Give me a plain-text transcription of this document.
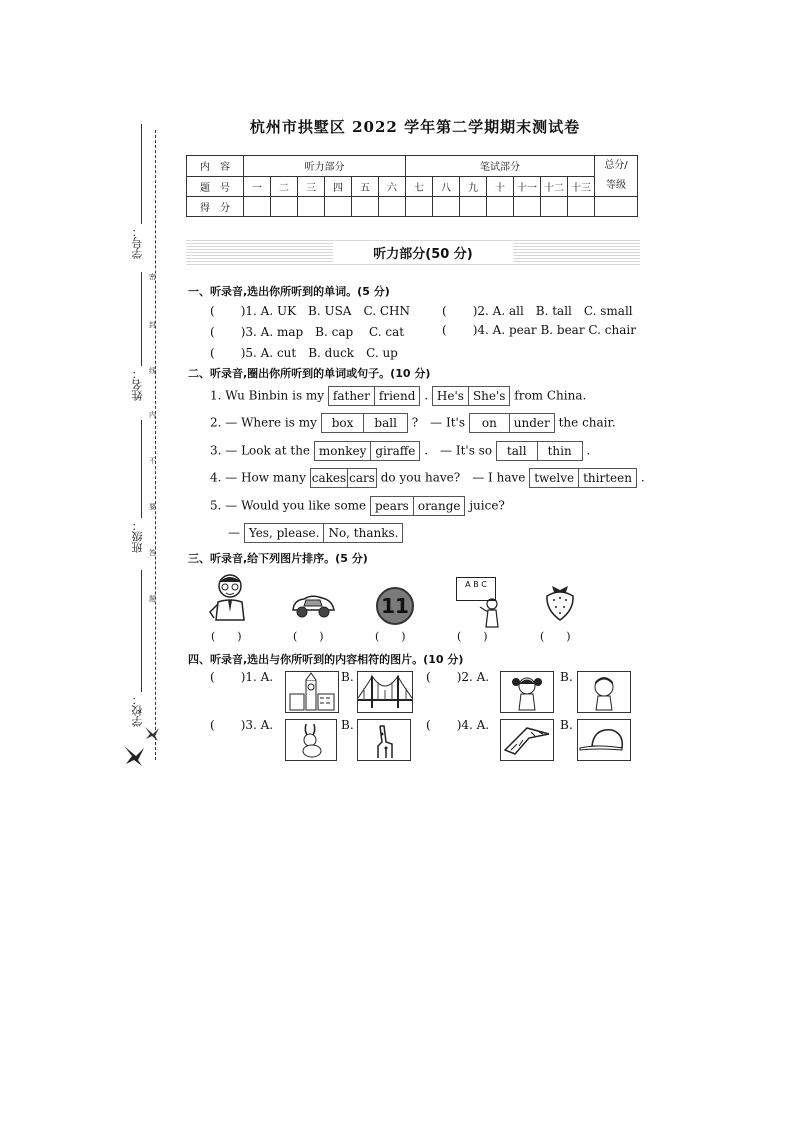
密
封
线
内
不
要
答
题
学号：
姓名：
班级：
学校：
杭州市拱墅区 2022 学年第二学期期末测试卷
内　容	听力部分						笔试部分							总分/
等级
题　号	一	二	三	四	五	六	七	八	九	十	十一	十二	十三	
得　分														
听力部分(50 分)
一、听录音,选出你所听到的单词。(5 分)
( )1. A. UK　B. USA　C. CHN	( )2. A. all　B. tall　C. small
( )3. A. map　B. cap　 C. cat	( )4. A. pear B. bear C. chair
( )5. A. cut　B. duck　C. up
二、听录音,圈出你所听到的单词或句子。(10 分)
1. Wu Binbin is my father friend . He's She's from China.
2. — Where is my	box	ball	?　— It's	on	under the chair.
3. — Look at the monkey giraffe .　— It's so	tall	thin	.
4. — How many cakes cars do you have?　— I have twelve thirteen .
5. — Would you like some pears orange juice?
— Yes, please. No, thanks.
三、听录音,给下列图片排序。(5 分)
11
A B C
(　　)	(　　)	(　　)	(　　)	(　　)
四、听录音,选出与你所听到的内容相符的图片。(10 分)
( )1. A.	B.	( )2. A.	B.
( )3. A.	B.	( )4. A.	B.
